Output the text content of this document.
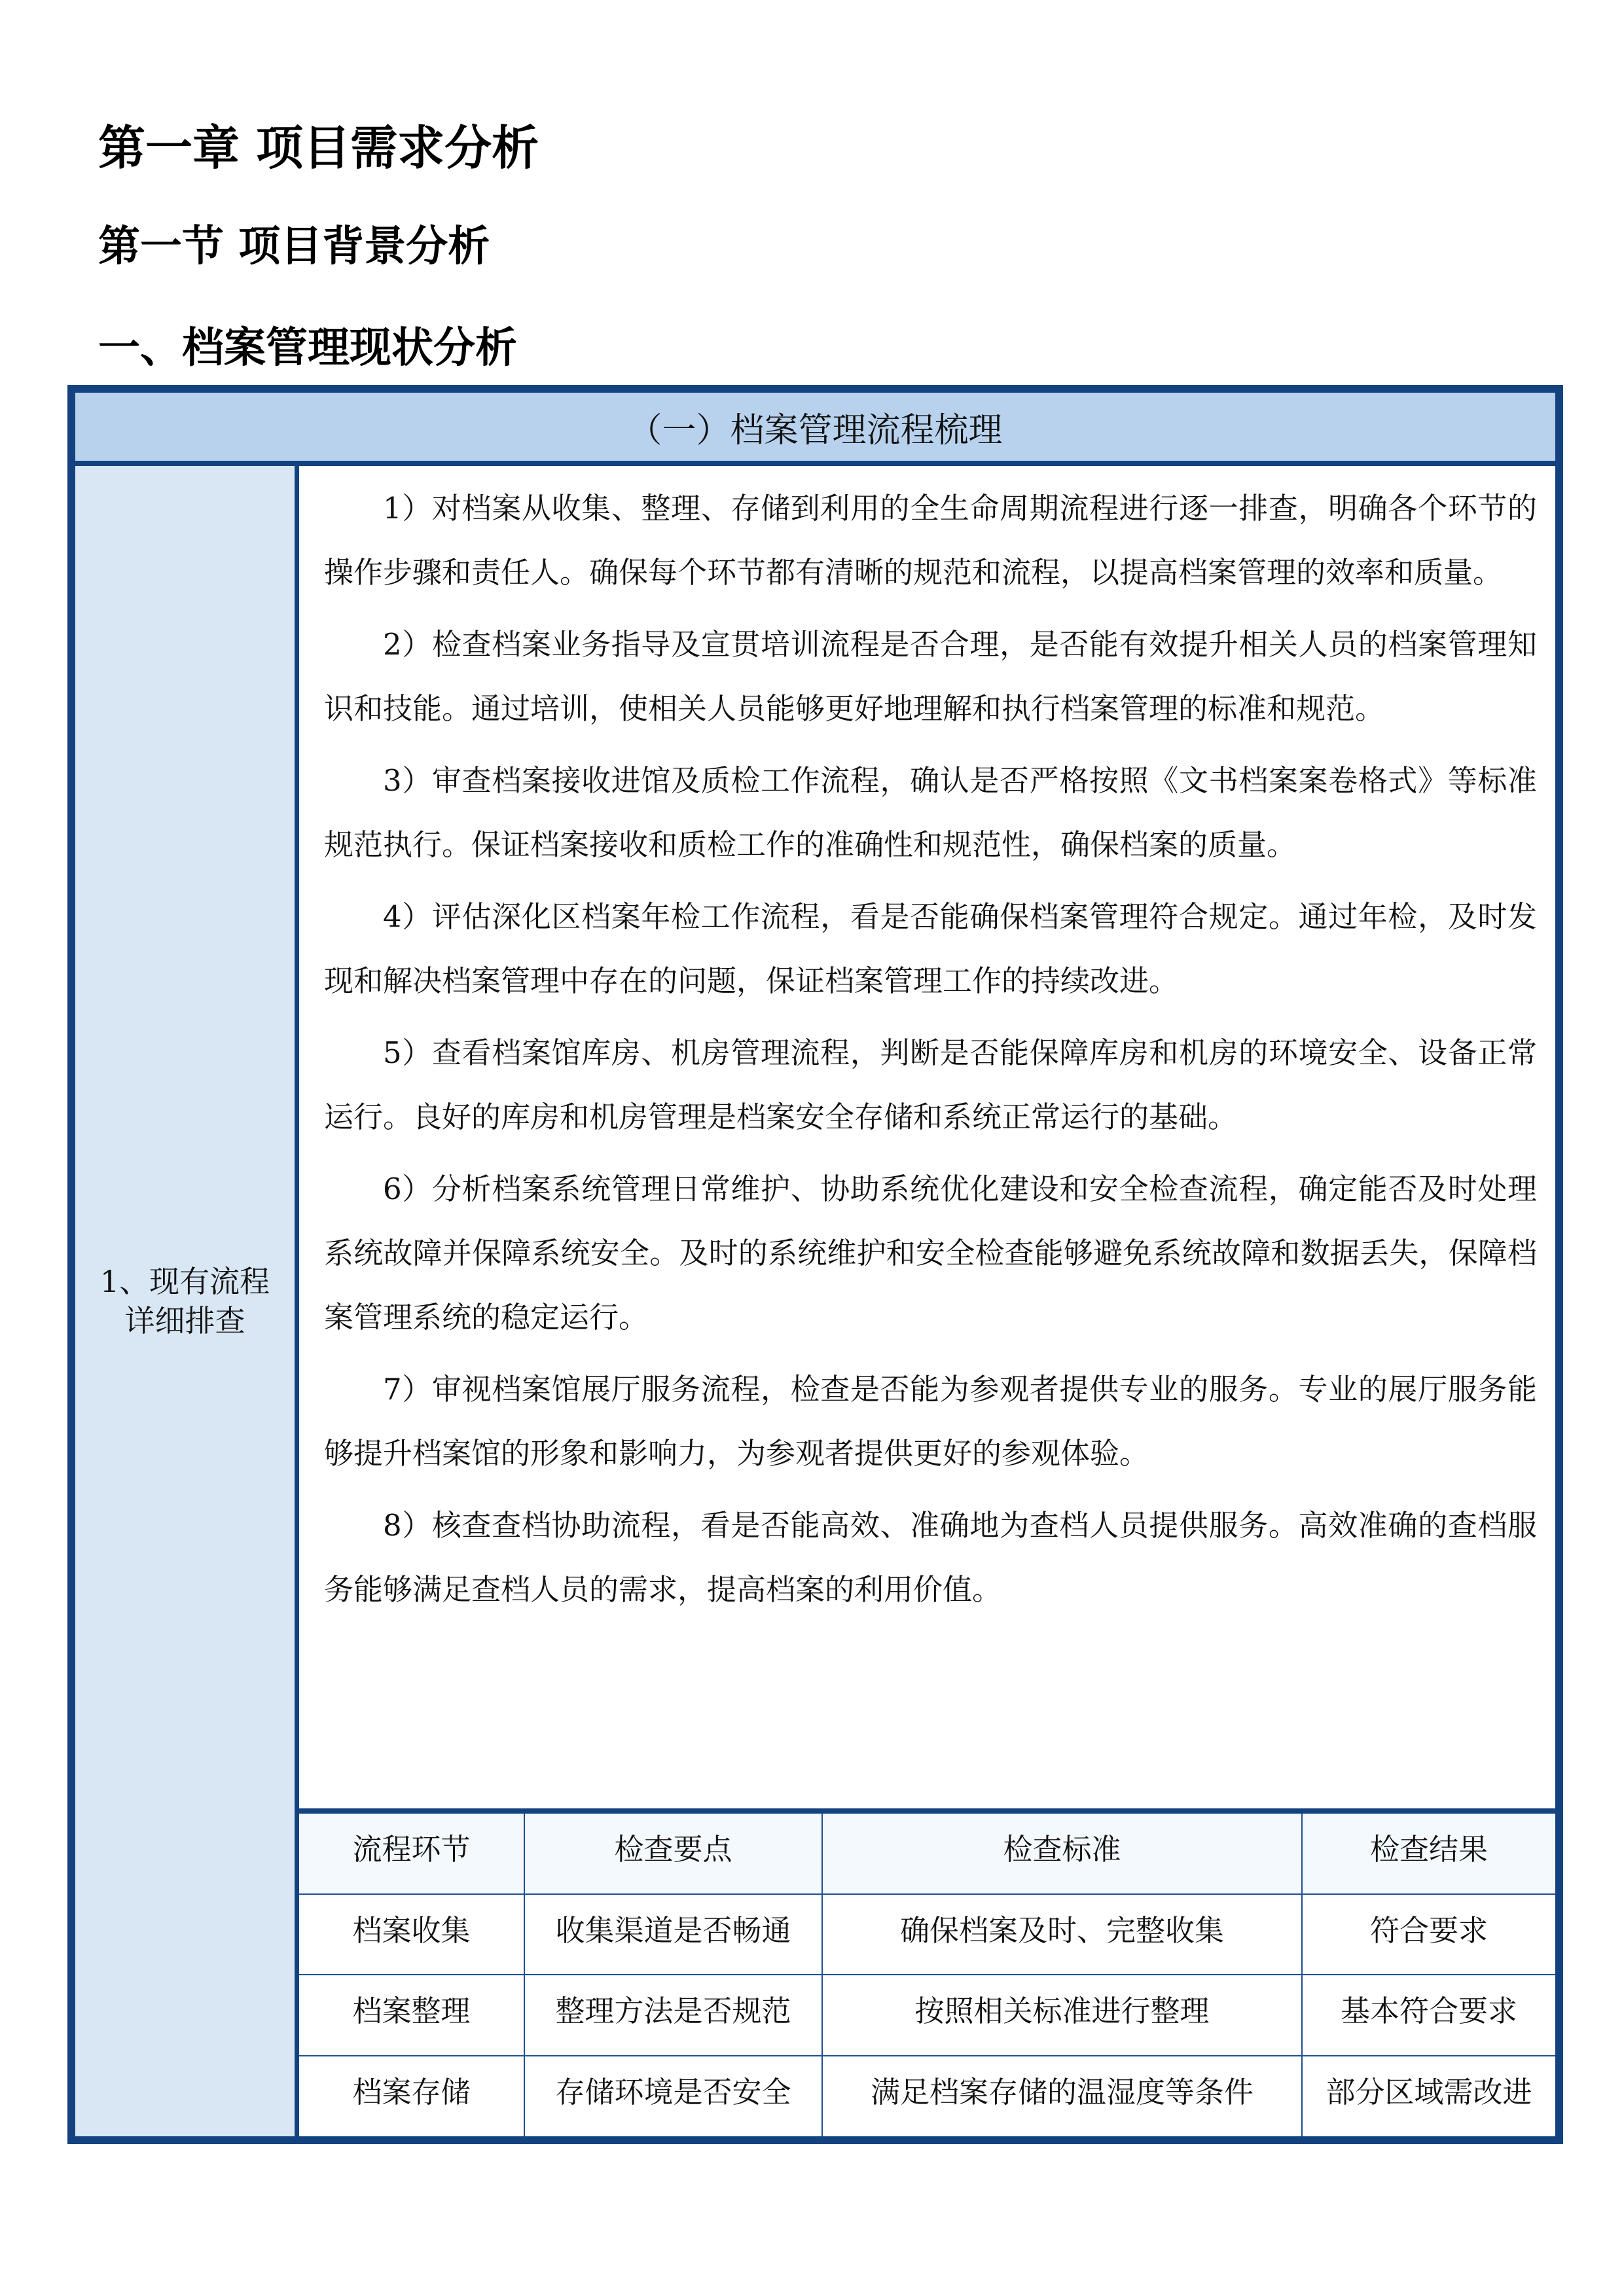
第一章 项目需求分析
第一节 项目背景分析
一、档案管理现状分析
（一）档案管理流程梳理
1、现有流程详细排查

1）对档案从收集、整理、存储到利用的全生命周期流程进行逐一排查，明确各个环节的操作步骤和责任人。确保每个环节都有清晰的规范和流程，以提高档案管理的效率和质量。

2）检查档案业务指导及宣贯培训流程是否合理，是否能有效提升相关人员的档案管理知识和技能。通过培训，使相关人员能够更好地理解和执行档案管理的标准和规范。

3）审查档案接收进馆及质检工作流程，确认是否严格按照《文书档案案卷格式》等标准规范执行。保证档案接收和质检工作的准确性和规范性，确保档案的质量。

4）评估深化区档案年检工作流程，看是否能确保档案管理符合规定。通过年检，及时发现和解决档案管理中存在的问题，保证档案管理工作的持续改进。

5）查看档案馆库房、机房管理流程，判断是否能保障库房和机房的环境安全、设备正常运行。良好的库房和机房管理是档案安全存储和系统正常运行的基础。

6）分析档案系统管理日常维护、协助系统优化建设和安全检查流程，确定能否及时处理系统故障并保障系统安全。及时的系统维护和安全检查能够避免系统故障和数据丢失，保障档案管理系统的稳定运行。

7）审视档案馆展厅服务流程，检查是否能为参观者提供专业的服务。专业的展厅服务能够提升档案馆的形象和影响力，为参观者提供更好的参观体验。

8）核查查档协助流程，看是否能高效、准确地为查档人员提供服务。高效准确的查档服务能够满足查档人员的需求，提高档案的利用价值。

流程环节	检查要点	检查标准	检查结果
档案收集	收集渠道是否畅通	确保档案及时、完整收集	符合要求
档案整理	整理方法是否规范	按照相关标准进行整理	基本符合要求
档案存储	存储环境是否安全	满足档案存储的温湿度等条件	部分区域需改进
